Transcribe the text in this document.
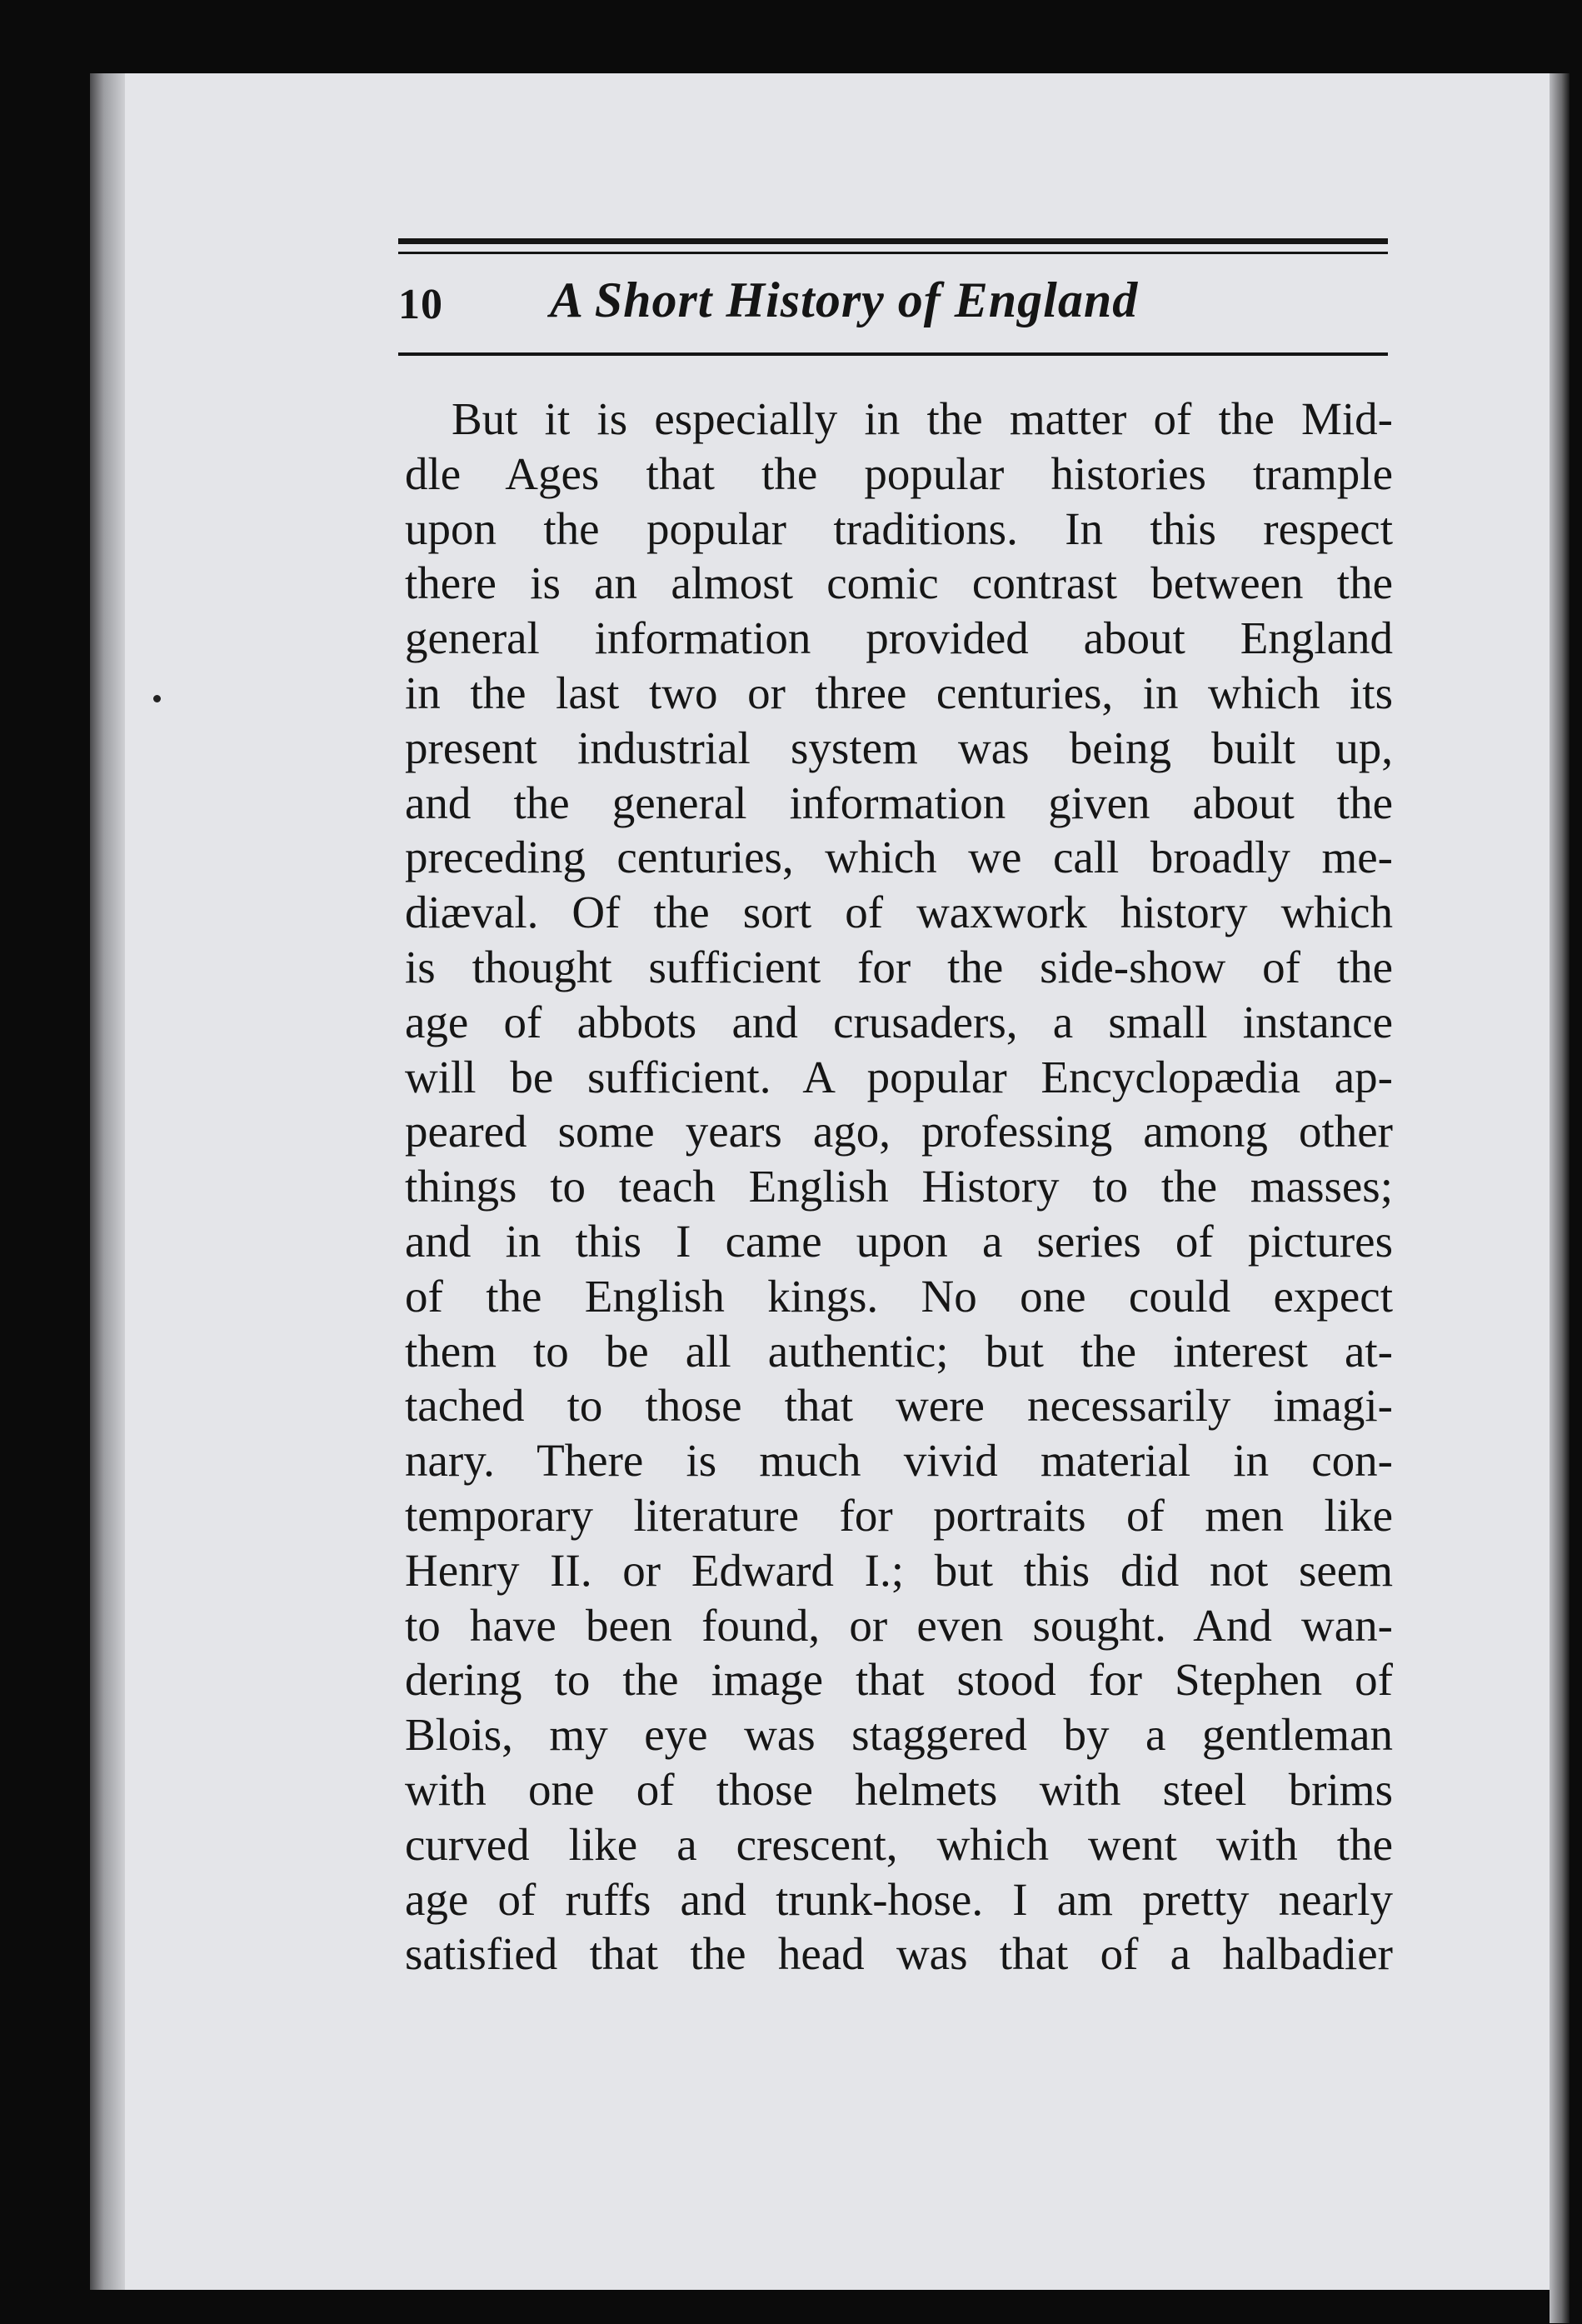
10 A Short History of England
But it is especially in the matter of the Mid-
dle Ages that the popular histories trample
upon the popular traditions. In this respect
there is an almost comic contrast between the
general information provided about England
in the last two or three centuries, in which its
present industrial system was being built up,
and the general information given about the
preceding centuries, which we call broadly me-
diæval. Of the sort of waxwork history which
is thought sufficient for the side-show of the
age of abbots and crusaders, a small instance
will be sufficient. A popular Encyclopædia ap-
peared some years ago, professing among other
things to teach English History to the masses;
and in this I came upon a series of pictures
of the English kings. No one could expect
them to be all authentic; but the interest at-
tached to those that were necessarily imagi-
nary. There is much vivid material in con-
temporary literature for portraits of men like
Henry II. or Edward I.; but this did not seem
to have been found, or even sought. And wan-
dering to the image that stood for Stephen of
Blois, my eye was staggered by a gentleman
with one of those helmets with steel brims
curved like a crescent, which went with the
age of ruffs and trunk-hose. I am pretty nearly
satisfied that the head was that of a halbadier
